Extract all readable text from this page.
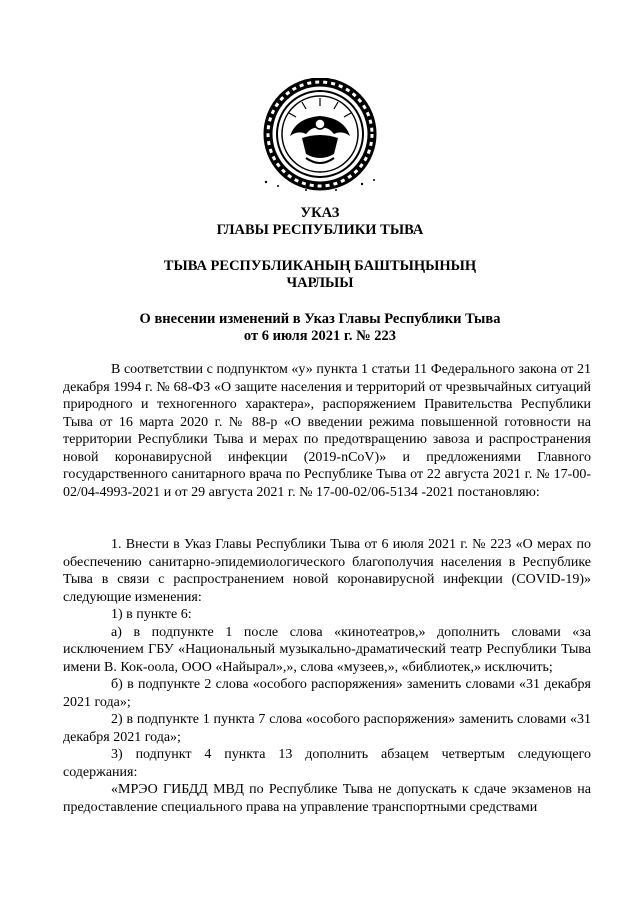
УКАЗ
ГЛАВЫ РЕСПУБЛИКИ ТЫВА
ТЫВА РЕСПУБЛИКАНЫҢ БАШТЫҢЫНЫҢ
ЧАРЛЫЫ
О внесении изменений в Указ Главы Республики Тыва
от 6 июля 2021 г. № 223

В соответствии с подпунктом «у» пункта 1 статьи 11 Федерального закона от 21 декабря 1994 г. № 68-ФЗ «О защите населения и территорий от чрезвычайных ситуаций природного и техногенного характера», распоряжением Правительства Республики Тыва от 16 марта 2020 г. № 88-р «О введении режима повышенной готовности на территории Республики Тыва и мерах по предотвращению завоза и распространения новой коронавирусной инфекции (2019-nCoV)» и предложениями Главного государственного санитарного врача по Республике Тыва от 22 августа 2021 г. № 17-00-02/04-4993-2021 и от 29 августа 2021 г. № 17-00-02/06-5134 -2021 постановляю:

1. Внести в Указ Главы Республики Тыва от 6 июля 2021 г. № 223 «О мерах по обеспечению санитарно-эпидемиологического благополучия населения в Республике Тыва в связи с распространением новой коронавирусной инфекции (COVID-19)» следующие изменения:

1) в пункте 6:

а) в подпункте 1 после слова «кинотеатров,» дополнить словами «за исключением ГБУ «Национальный музыкально-драматический театр Республики Тыва имени В. Кок-оола, ООО «Найырал»,», слова «музеев,», «библиотек,» исключить;

б) в подпункте 2 слова «особого распоряжения» заменить словами «31 декабря 2021 года»;

2) в подпункте 1 пункта 7 слова «особого распоряжения» заменить словами «31 декабря 2021 года»;

3) подпункт 4 пункта 13 дополнить абзацем четвертым следующего содержания:

«МРЭО ГИБДД МВД по Республике Тыва не допускать к сдаче экзаменов на предоставление специального права на управление транспортными средствами
